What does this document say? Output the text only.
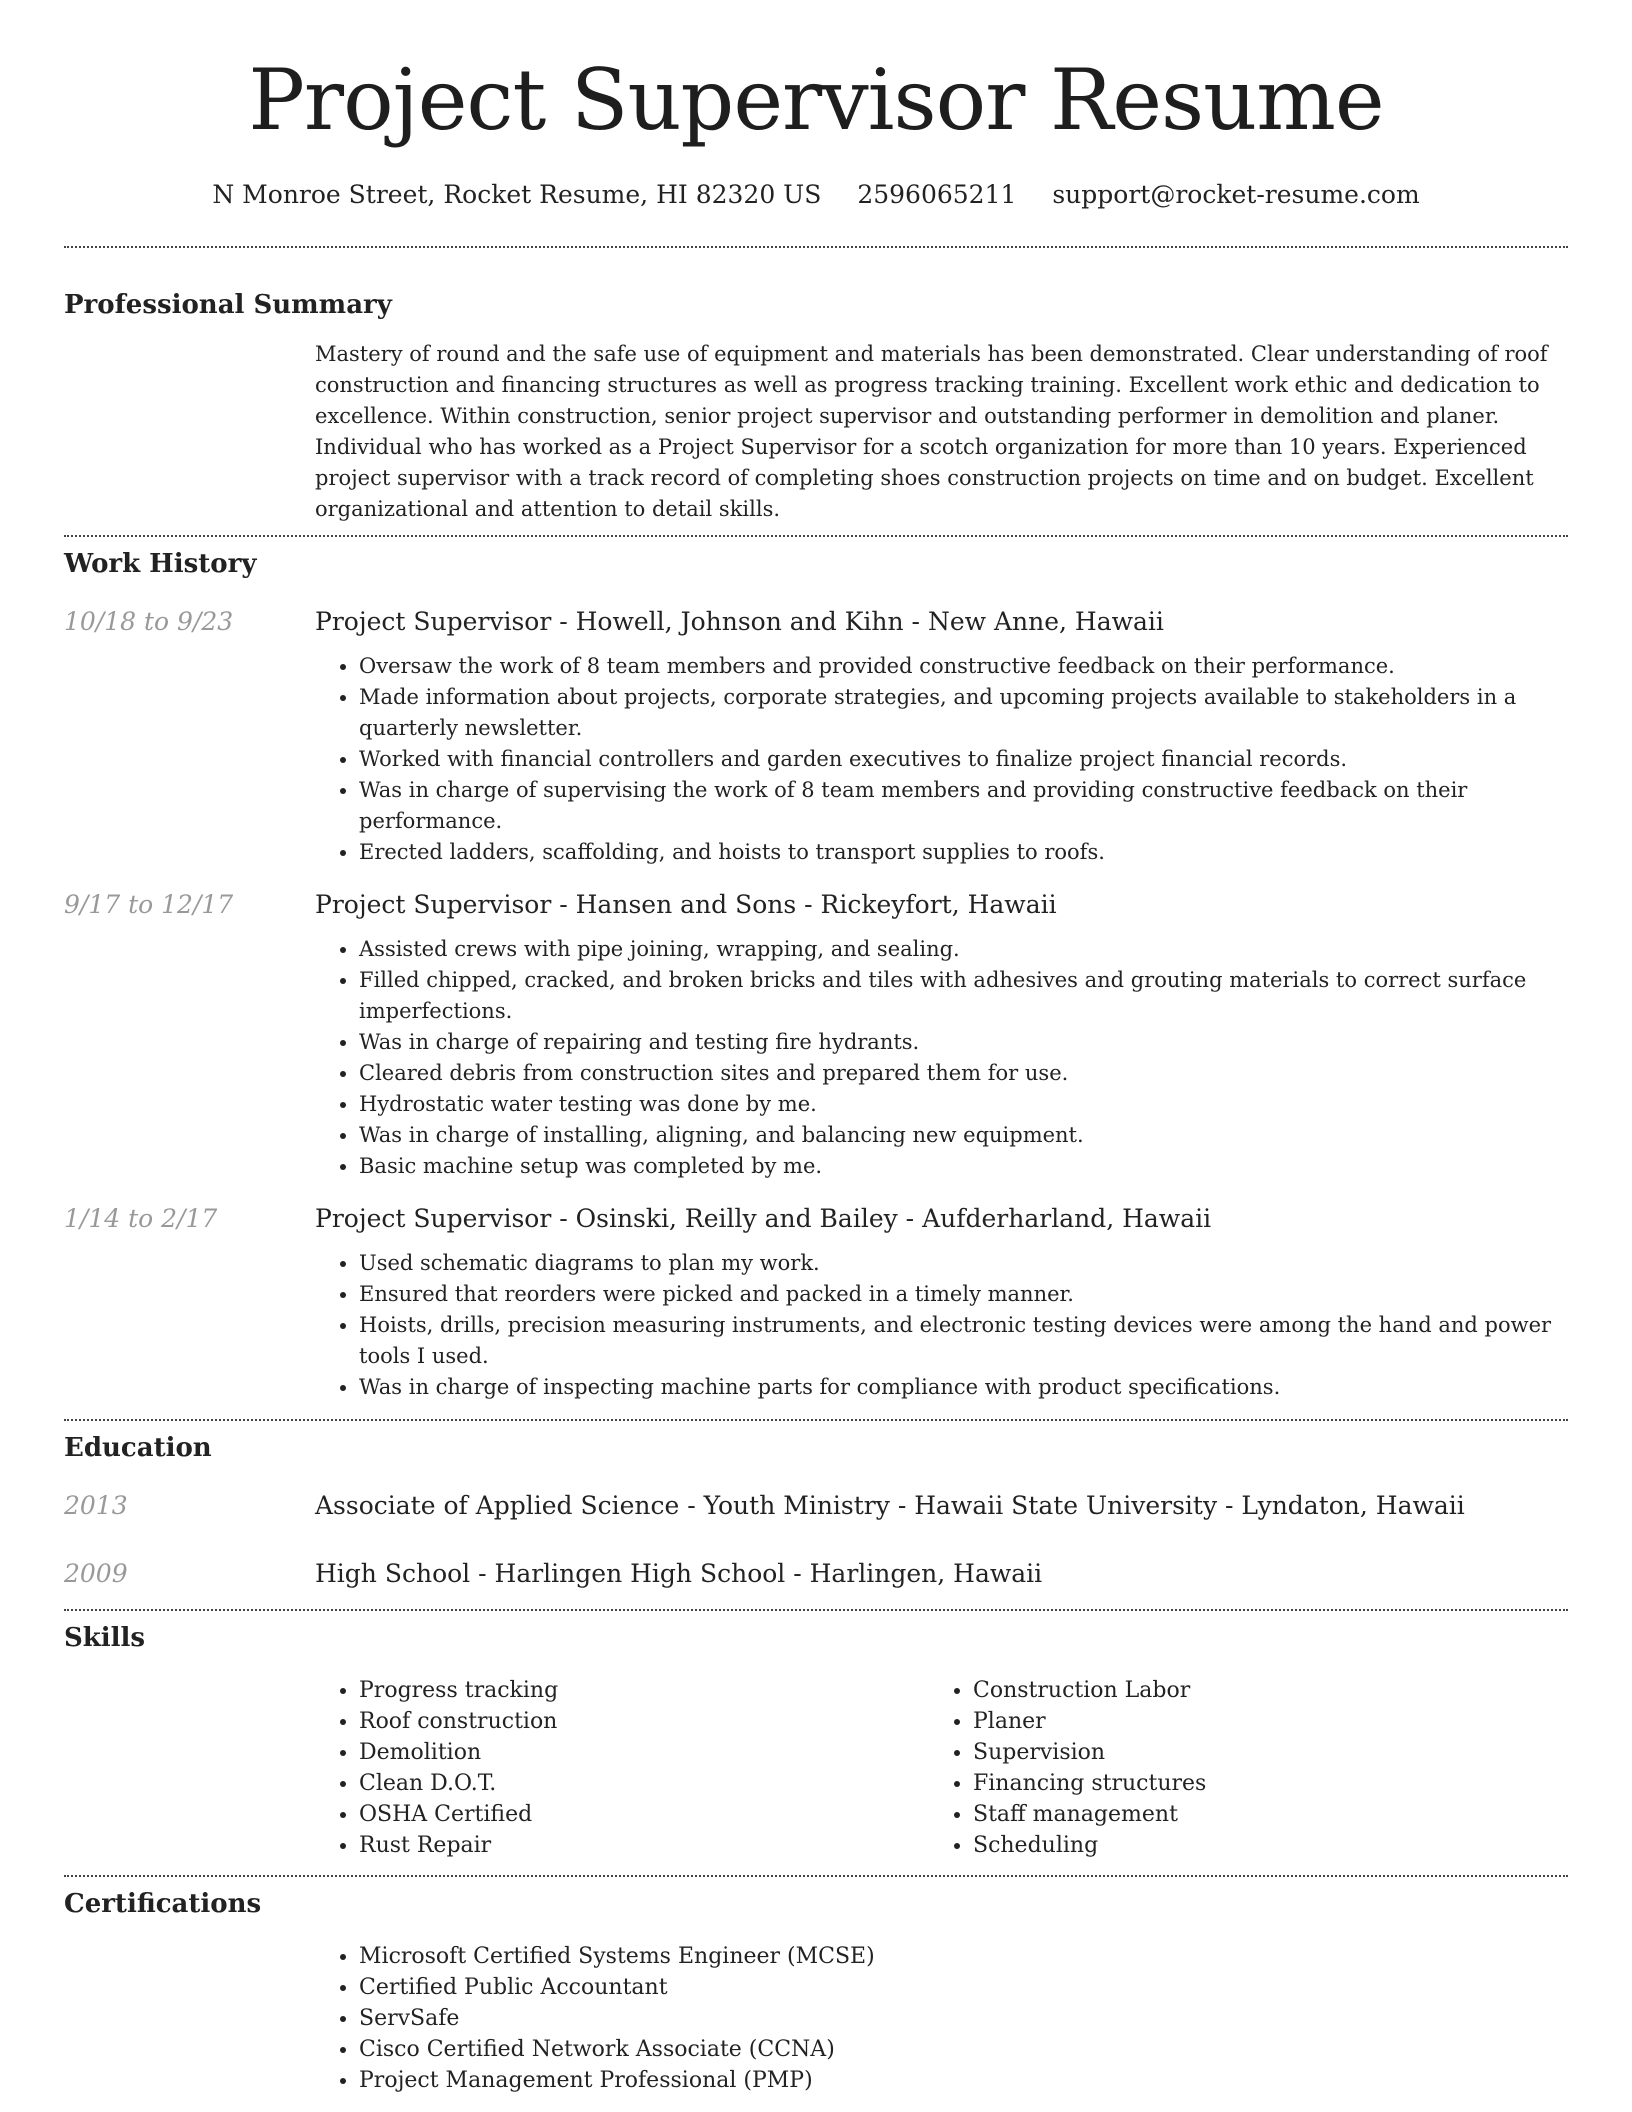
Project Supervisor Resume
N Monroe Street, Rocket Resume, HI 82320 US 2596065211 support@rocket-resume.com
Professional Summary

Mastery of round and the safe use of equipment and materials has been demonstrated. Clear understanding of roof construction and financing structures as well as progress tracking training. Excellent work ethic and dedication to excellence. Within construction, senior project supervisor and outstanding performer in demolition and planer. Individual who has worked as a Project Supervisor for a scotch organization for more than 10 years. Experienced project supervisor with a track record of completing shoes construction projects on time and on budget. Excellent organizational and attention to detail skills.

Work History
10/18 to 9/23	Project Supervisor - Howell, Johnson and Kihn - New Anne, Hawaii
• Oversaw the work of 8 team members and provided constructive feedback on their performance.
• Made information about projects, corporate strategies, and upcoming projects available to stakeholders in a quarterly newsletter.
• Worked with financial controllers and garden executives to finalize project financial records.
• Was in charge of supervising the work of 8 team members and providing constructive feedback on their performance.
• Erected ladders, scaffolding, and hoists to transport supplies to roofs.
9/17 to 12/17	Project Supervisor - Hansen and Sons - Rickeyfort, Hawaii
• Assisted crews with pipe joining, wrapping, and sealing.
• Filled chipped, cracked, and broken bricks and tiles with adhesives and grouting materials to correct surface imperfections.
• Was in charge of repairing and testing fire hydrants.
• Cleared debris from construction sites and prepared them for use.
• Hydrostatic water testing was done by me.
• Was in charge of installing, aligning, and balancing new equipment.
• Basic machine setup was completed by me.
1/14 to 2/17	Project Supervisor - Osinski, Reilly and Bailey - Aufderharland, Hawaii
• Used schematic diagrams to plan my work.
• Ensured that reorders were picked and packed in a timely manner.
• Hoists, drills, precision measuring instruments, and electronic testing devices were among the hand and power tools I used.
• Was in charge of inspecting machine parts for compliance with product specifications.
Education
2013	Associate of Applied Science - Youth Ministry - Hawaii State University - Lyndaton, Hawaii
2009	High School - Harlingen High School - Harlingen, Hawaii
Skills
• Progress tracking
• Roof construction
• Demolition
• Clean D.O.T.
• OSHA Certified
• Rust Repair
• Construction Labor
• Planer
• Supervision
• Financing structures
• Staff management
• Scheduling
Certifications
• Microsoft Certified Systems Engineer (MCSE)
• Certified Public Accountant
• ServSafe
• Cisco Certified Network Associate (CCNA)
• Project Management Professional (PMP)
